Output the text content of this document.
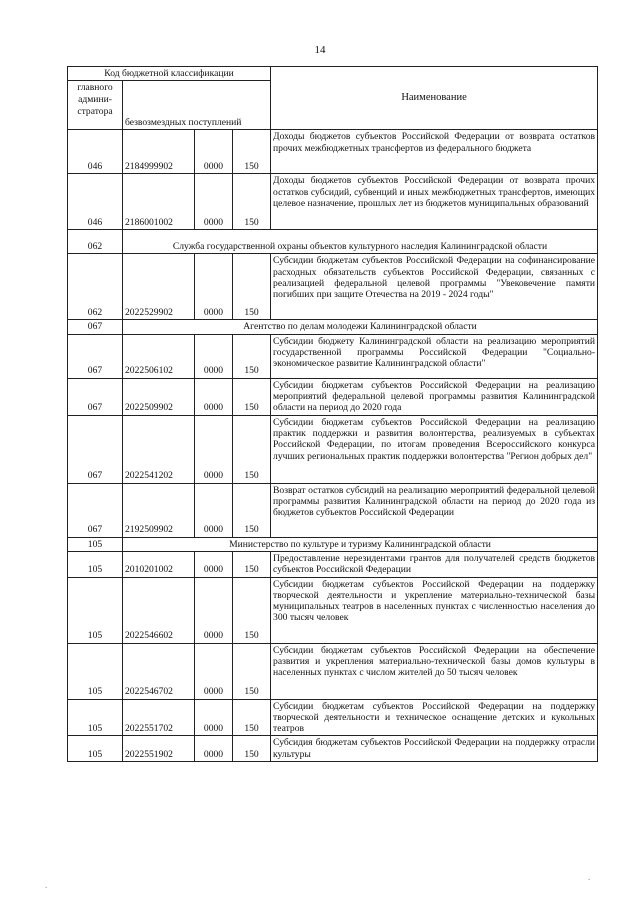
14
Код бюджетной классификации				Наименование
главного админи-стратора	безвозмездных поступлений			
046	2184999902	0000	150	Доходы бюджетов субъектов Российской Федерации от возврата остатков прочих межбюджетных трансфертов из федерального бюджета
046	2186001002	0000	150	Доходы бюджетов субъектов Российской Федерации от возврата прочих остатков субсидий, субвенций и иных межбюджетных трансфертов, имеющих целевое назначение, прошлых лет из бюджетов муниципальных образований
062	Служба государственной охраны объектов культурного наследия Калининградской области			
062	2022529902	0000	150	Субсидии бюджетам субъектов Российской Федерации на софинансирование расходных обязательств субъектов Российской Федерации, связанных с реализацией федеральной целевой программы "Увековечение памяти погибших при защите Отечества на 2019 - 2024 годы"
067	Агентство по делам молодежи Калининградской области			
067	2022506102	0000	150	Субсидии бюджету Калининградской области на реализацию мероприятий государственной программы Российской Федерации "Социально-экономическое развитие Калининградской области"
067	2022509902	0000	150	Субсидии бюджетам субъектов Российской Федерации на реализацию мероприятий федеральной целевой программы развития Калининградской области на период до 2020 года
067	2022541202	0000	150	Субсидии бюджетам субъектов Российской Федерации на реализацию практик поддержки и развития волонтерства, реализуемых в субъектах Российской Федерации, по итогам проведения Всероссийского конкурса лучших региональных практик поддержки волонтерства "Регион добрых дел"
067	2192509902	0000	150	Возврат остатков субсидий на реализацию мероприятий федеральной целевой программы развития Калининградской области на период до 2020 года из бюджетов субъектов Российской Федерации
105	Министерство по культуре и туризму Калининградской области			
105	2010201002	0000	150	Предоставление нерезидентами грантов для получателей средств бюджетов субъектов Российской Федерации
105	2022546602	0000	150	Субсидии бюджетам субъектов Российской Федерации на поддержку творческой деятельности и укрепление материально-технической базы муниципальных театров в населенных пунктах с численностью населения до 300 тысяч человек
105	2022546702	0000	150	Субсидии бюджетам субъектов Российской Федерации на обеспечение развития и укрепления материально-технической базы домов культуры в населенных пунктах с числом жителей до 50 тысяч человек
105	2022551702	0000	150	Субсидии бюджетам субъектов Российской Федерации на поддержку творческой деятельности и техническое оснащение детских и кукольных театров
105	2022551902	0000	150	Субсидия бюджетам субъектов Российской Федерации на поддержку отрасли культуры
.
.
